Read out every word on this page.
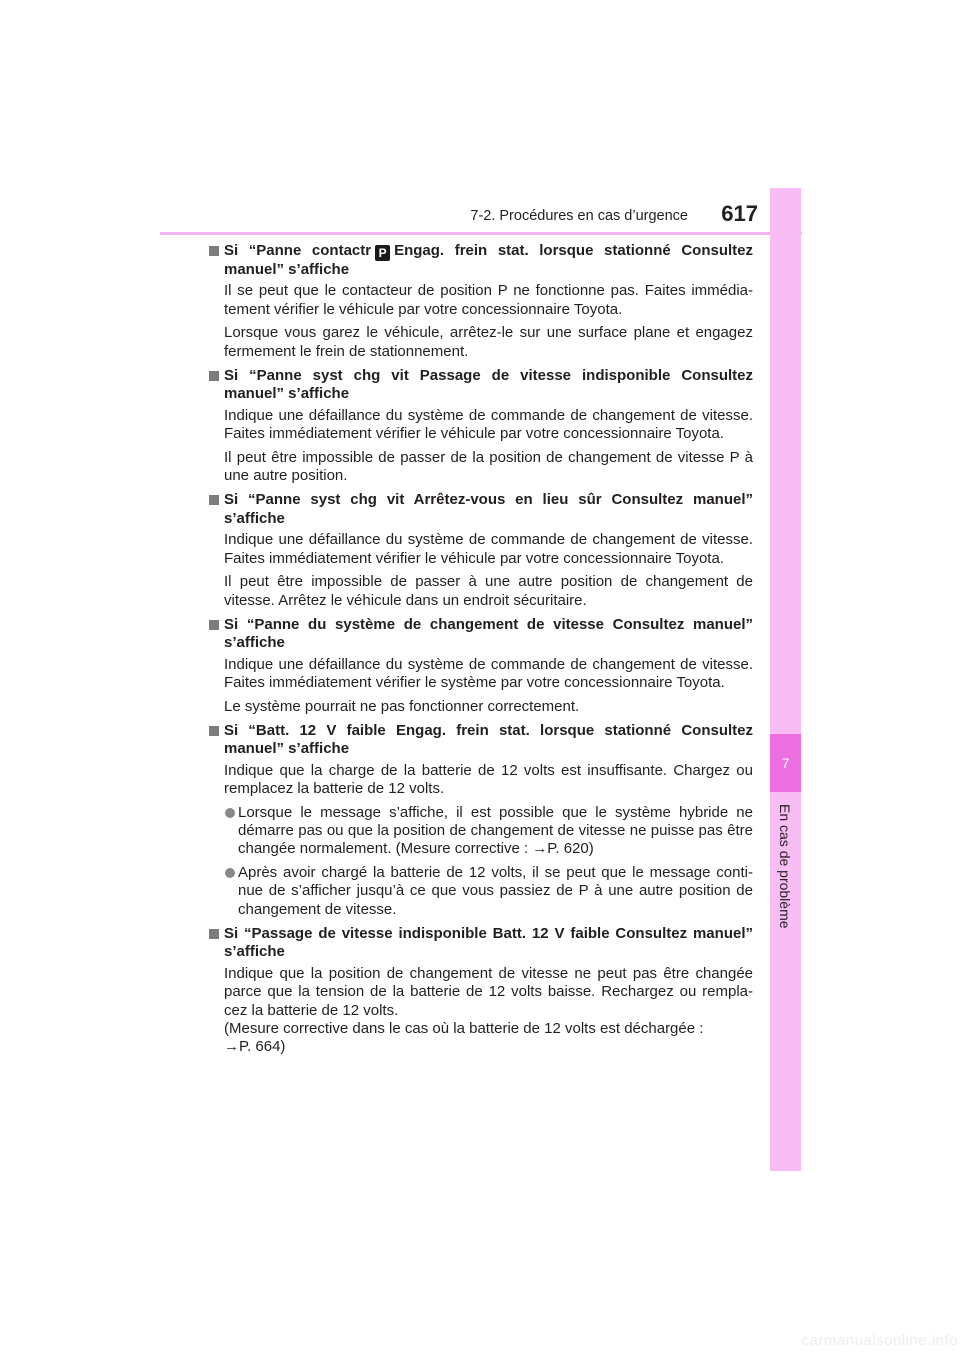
7-2. Procédures en cas d’urgence	617
7
En cas de problème
Si “Panne contactr P Engag. frein stat. lorsque stationné Consultez manuel” s’affiche

Il se peut que le contacteur de position P ne fonctionne pas. Faites immédia-tement vérifier le véhicule par votre concessionnaire Toyota.

Lorsque vous garez le véhicule, arrêtez-le sur une surface plane et engagez fermement le frein de stationnement.

Si “Panne syst chg vit Passage de vitesse indisponible Consultez manuel” s’affiche

Indique une défaillance du système de commande de changement de vitesse. Faites immédiatement vérifier le véhicule par votre concessionnaire Toyota.

Il peut être impossible de passer de la position de changement de vitesse P à une autre position.

Si “Panne syst chg vit Arrêtez-vous en lieu sûr Consultez manuel” s’affiche

Indique une défaillance du système de commande de changement de vitesse. Faites immédiatement vérifier le véhicule par votre concessionnaire Toyota.

Il peut être impossible de passer à une autre position de changement de vitesse. Arrêtez le véhicule dans un endroit sécuritaire.

Si “Panne du système de changement de vitesse Consultez manuel” s’affiche

Indique une défaillance du système de commande de changement de vitesse. Faites immédiatement vérifier le système par votre concessionnaire Toyota.

Le système pourrait ne pas fonctionner correctement.

Si “Batt. 12 V faible Engag. frein stat. lorsque stationné Consultez manuel” s’affiche

Indique que la charge de la batterie de 12 volts est insuffisante. Chargez ou remplacez la batterie de 12 volts.

Lorsque le message s’affiche, il est possible que le système hybride ne démarre pas ou que la position de changement de vitesse ne puisse pas être changée normalement. (Mesure corrective : →P. 620)
Après avoir chargé la batterie de 12 volts, il se peut que le message conti-nue de s’afficher jusqu’à ce que vous passiez de P à une autre position de changement de vitesse.
Si “Passage de vitesse indisponible Batt. 12 V faible Consultez manuel” s’affiche

Indique que la position de changement de vitesse ne peut pas être changée parce que la tension de la batterie de 12 volts baisse. Rechargez ou rempla-cez la batterie de 12 volts.

(Mesure corrective dans le cas où la batterie de 12 volts est déchargée :

→P. 664)

carmanualsonline.info
